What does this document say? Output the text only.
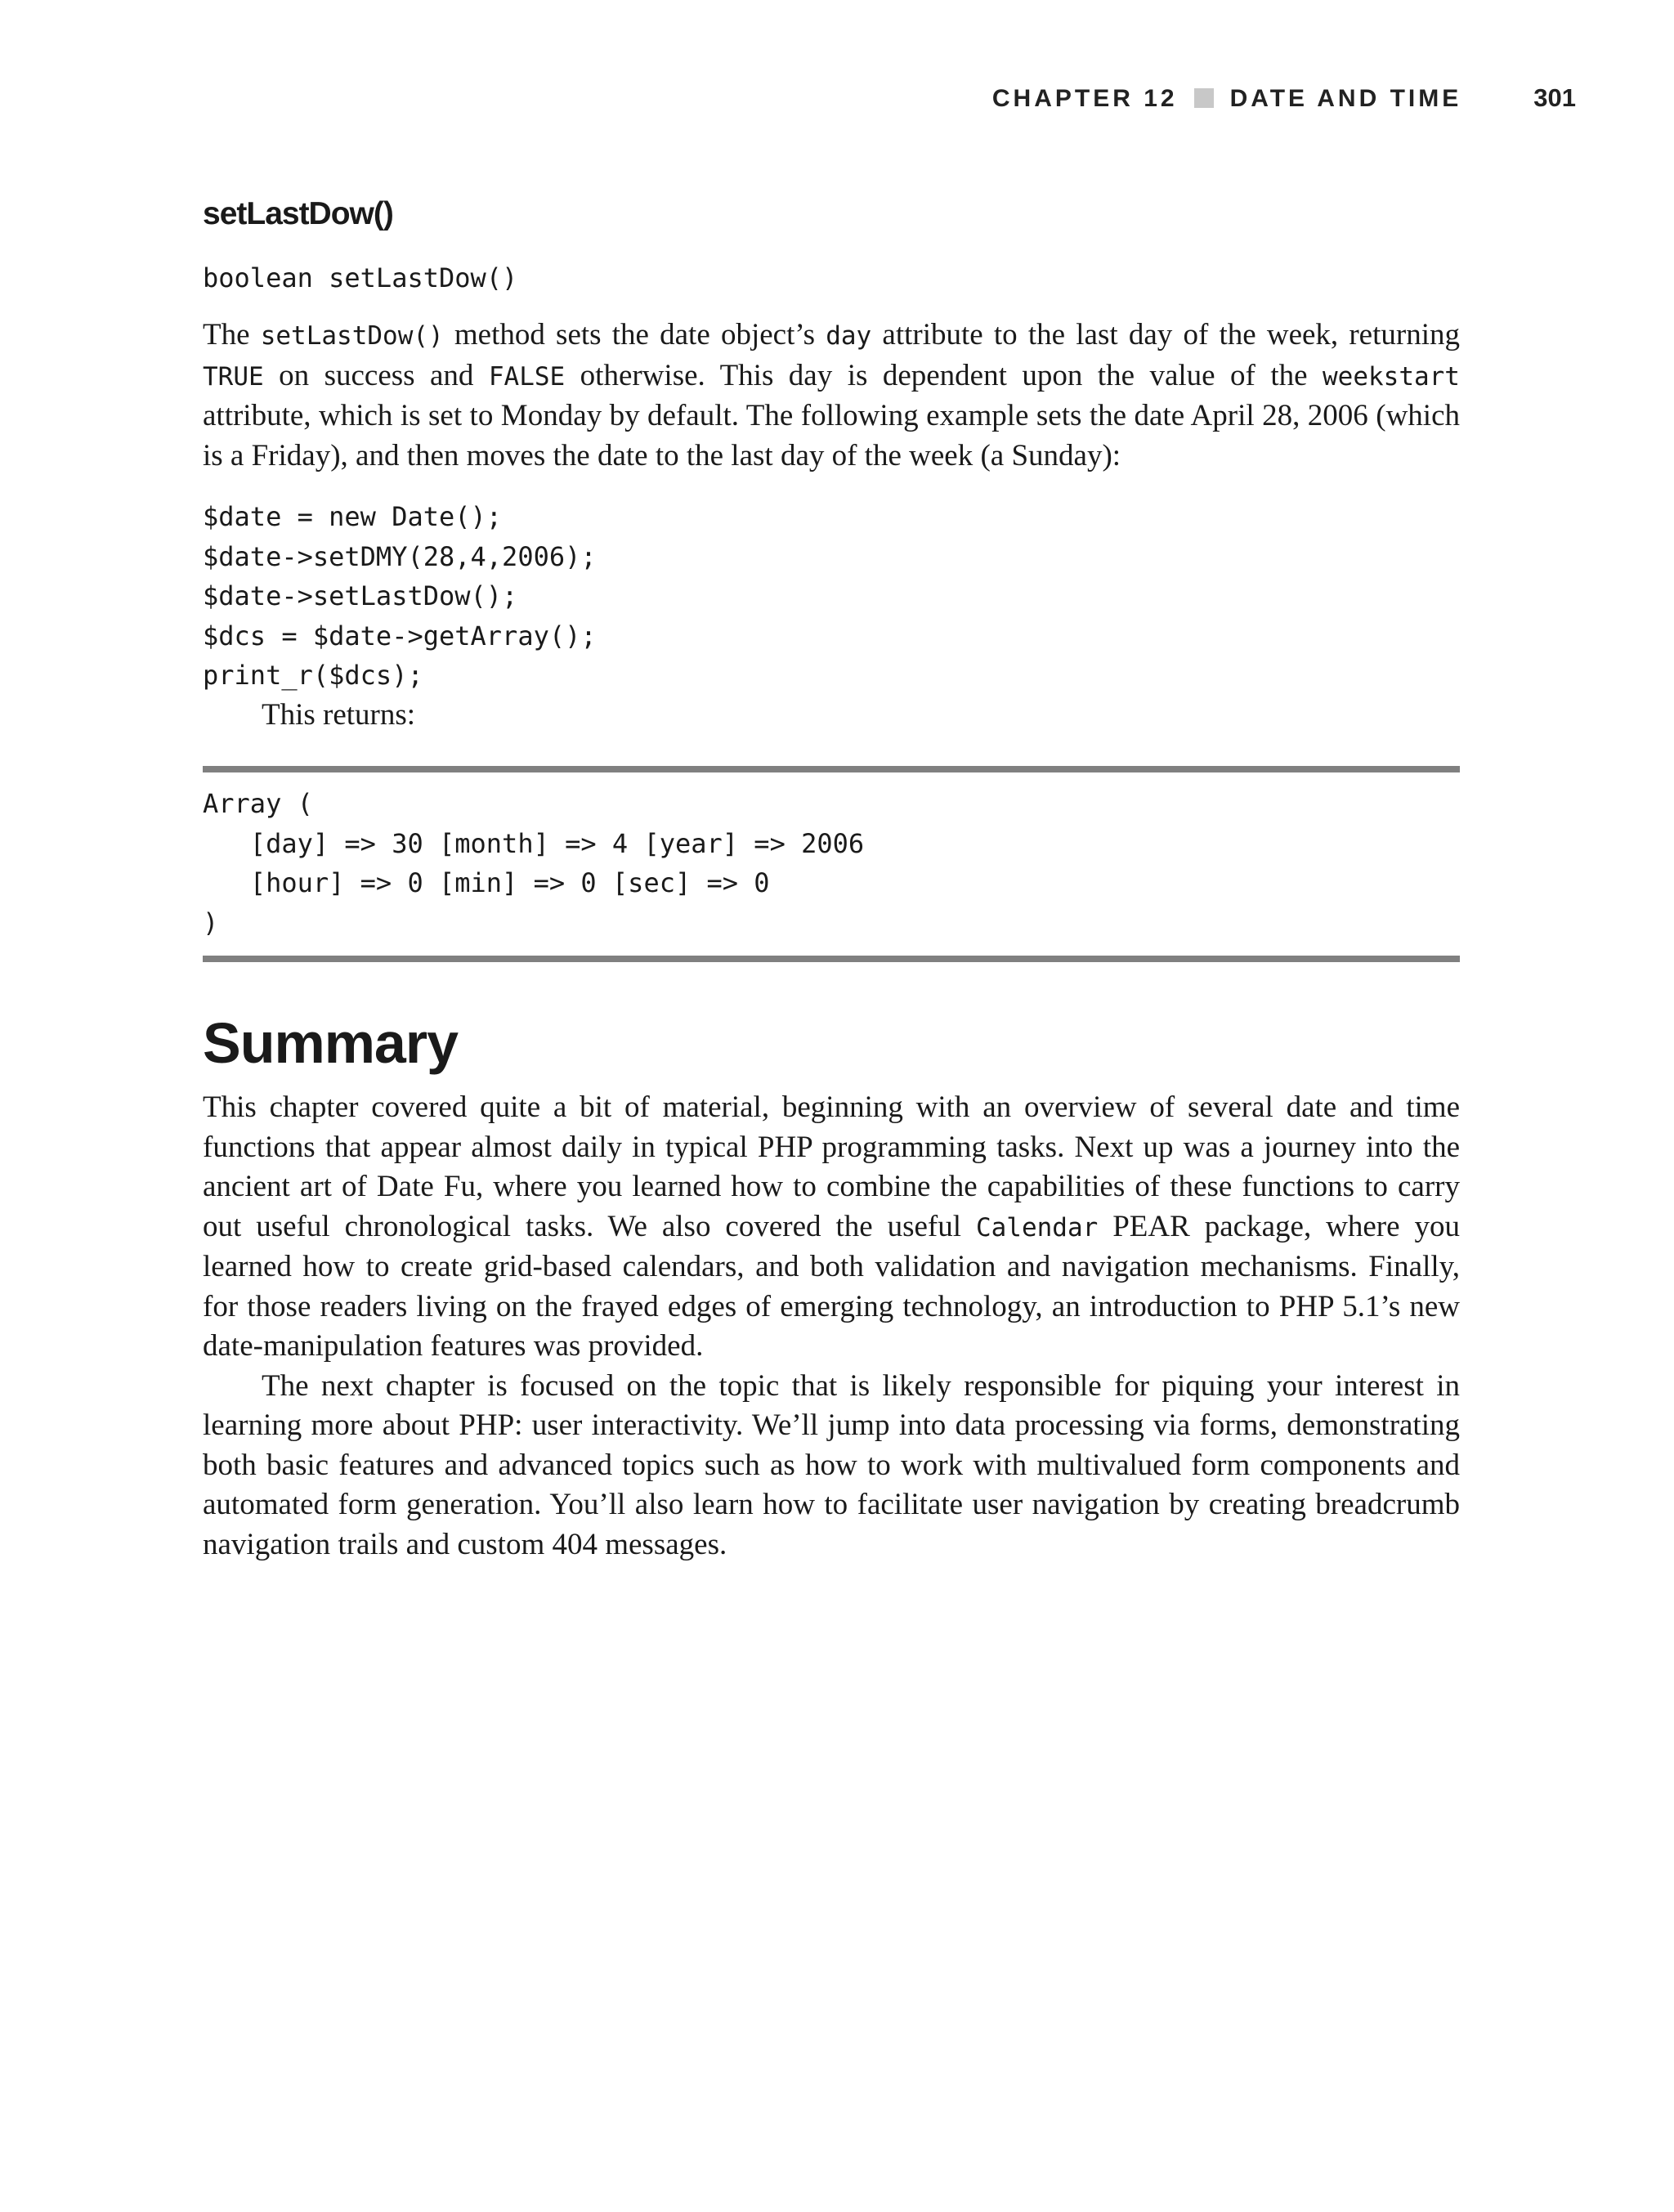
CHAPTER 12 DATE AND TIME	301
setLastDow()
boolean setLastDow()

The setLastDow() method sets the date object’s day attribute to the last day of the week, returning TRUE on success and FALSE otherwise. This day is dependent upon the value of the weekstart attribute, which is set to Monday by default. The following example sets the date April 28, 2006 (which is a Friday), and then moves the date to the last day of the week (a Sunday):

$date = new Date();
$date->setDMY(28,4,2006);
$date->setLastDow();
$dcs = $date->getArray();
print_r($dcs);

This returns:

Array (
[day] => 30 [month] => 4 [year] => 2006
[hour] => 0 [min] => 0 [sec] => 0
)
Summary

This chapter covered quite a bit of material, beginning with an overview of several date and time functions that appear almost daily in typical PHP programming tasks. Next up was a journey into the ancient art of Date Fu, where you learned how to combine the capabilities of these functions to carry out useful chronological tasks. We also covered the useful Calendar PEAR package, where you learned how to create grid-based calendars, and both validation and navigation mechanisms. Finally, for those readers living on the frayed edges of emerging technology, an introduction to PHP 5.1’s new date-manipulation features was provided.

The next chapter is focused on the topic that is likely responsible for piquing your interest in learning more about PHP: user interactivity. We’ll jump into data processing via forms, demonstrating both basic features and advanced topics such as how to work with multivalued form components and automated form generation. You’ll also learn how to facilitate user navigation by creating breadcrumb navigation trails and custom 404 messages.
